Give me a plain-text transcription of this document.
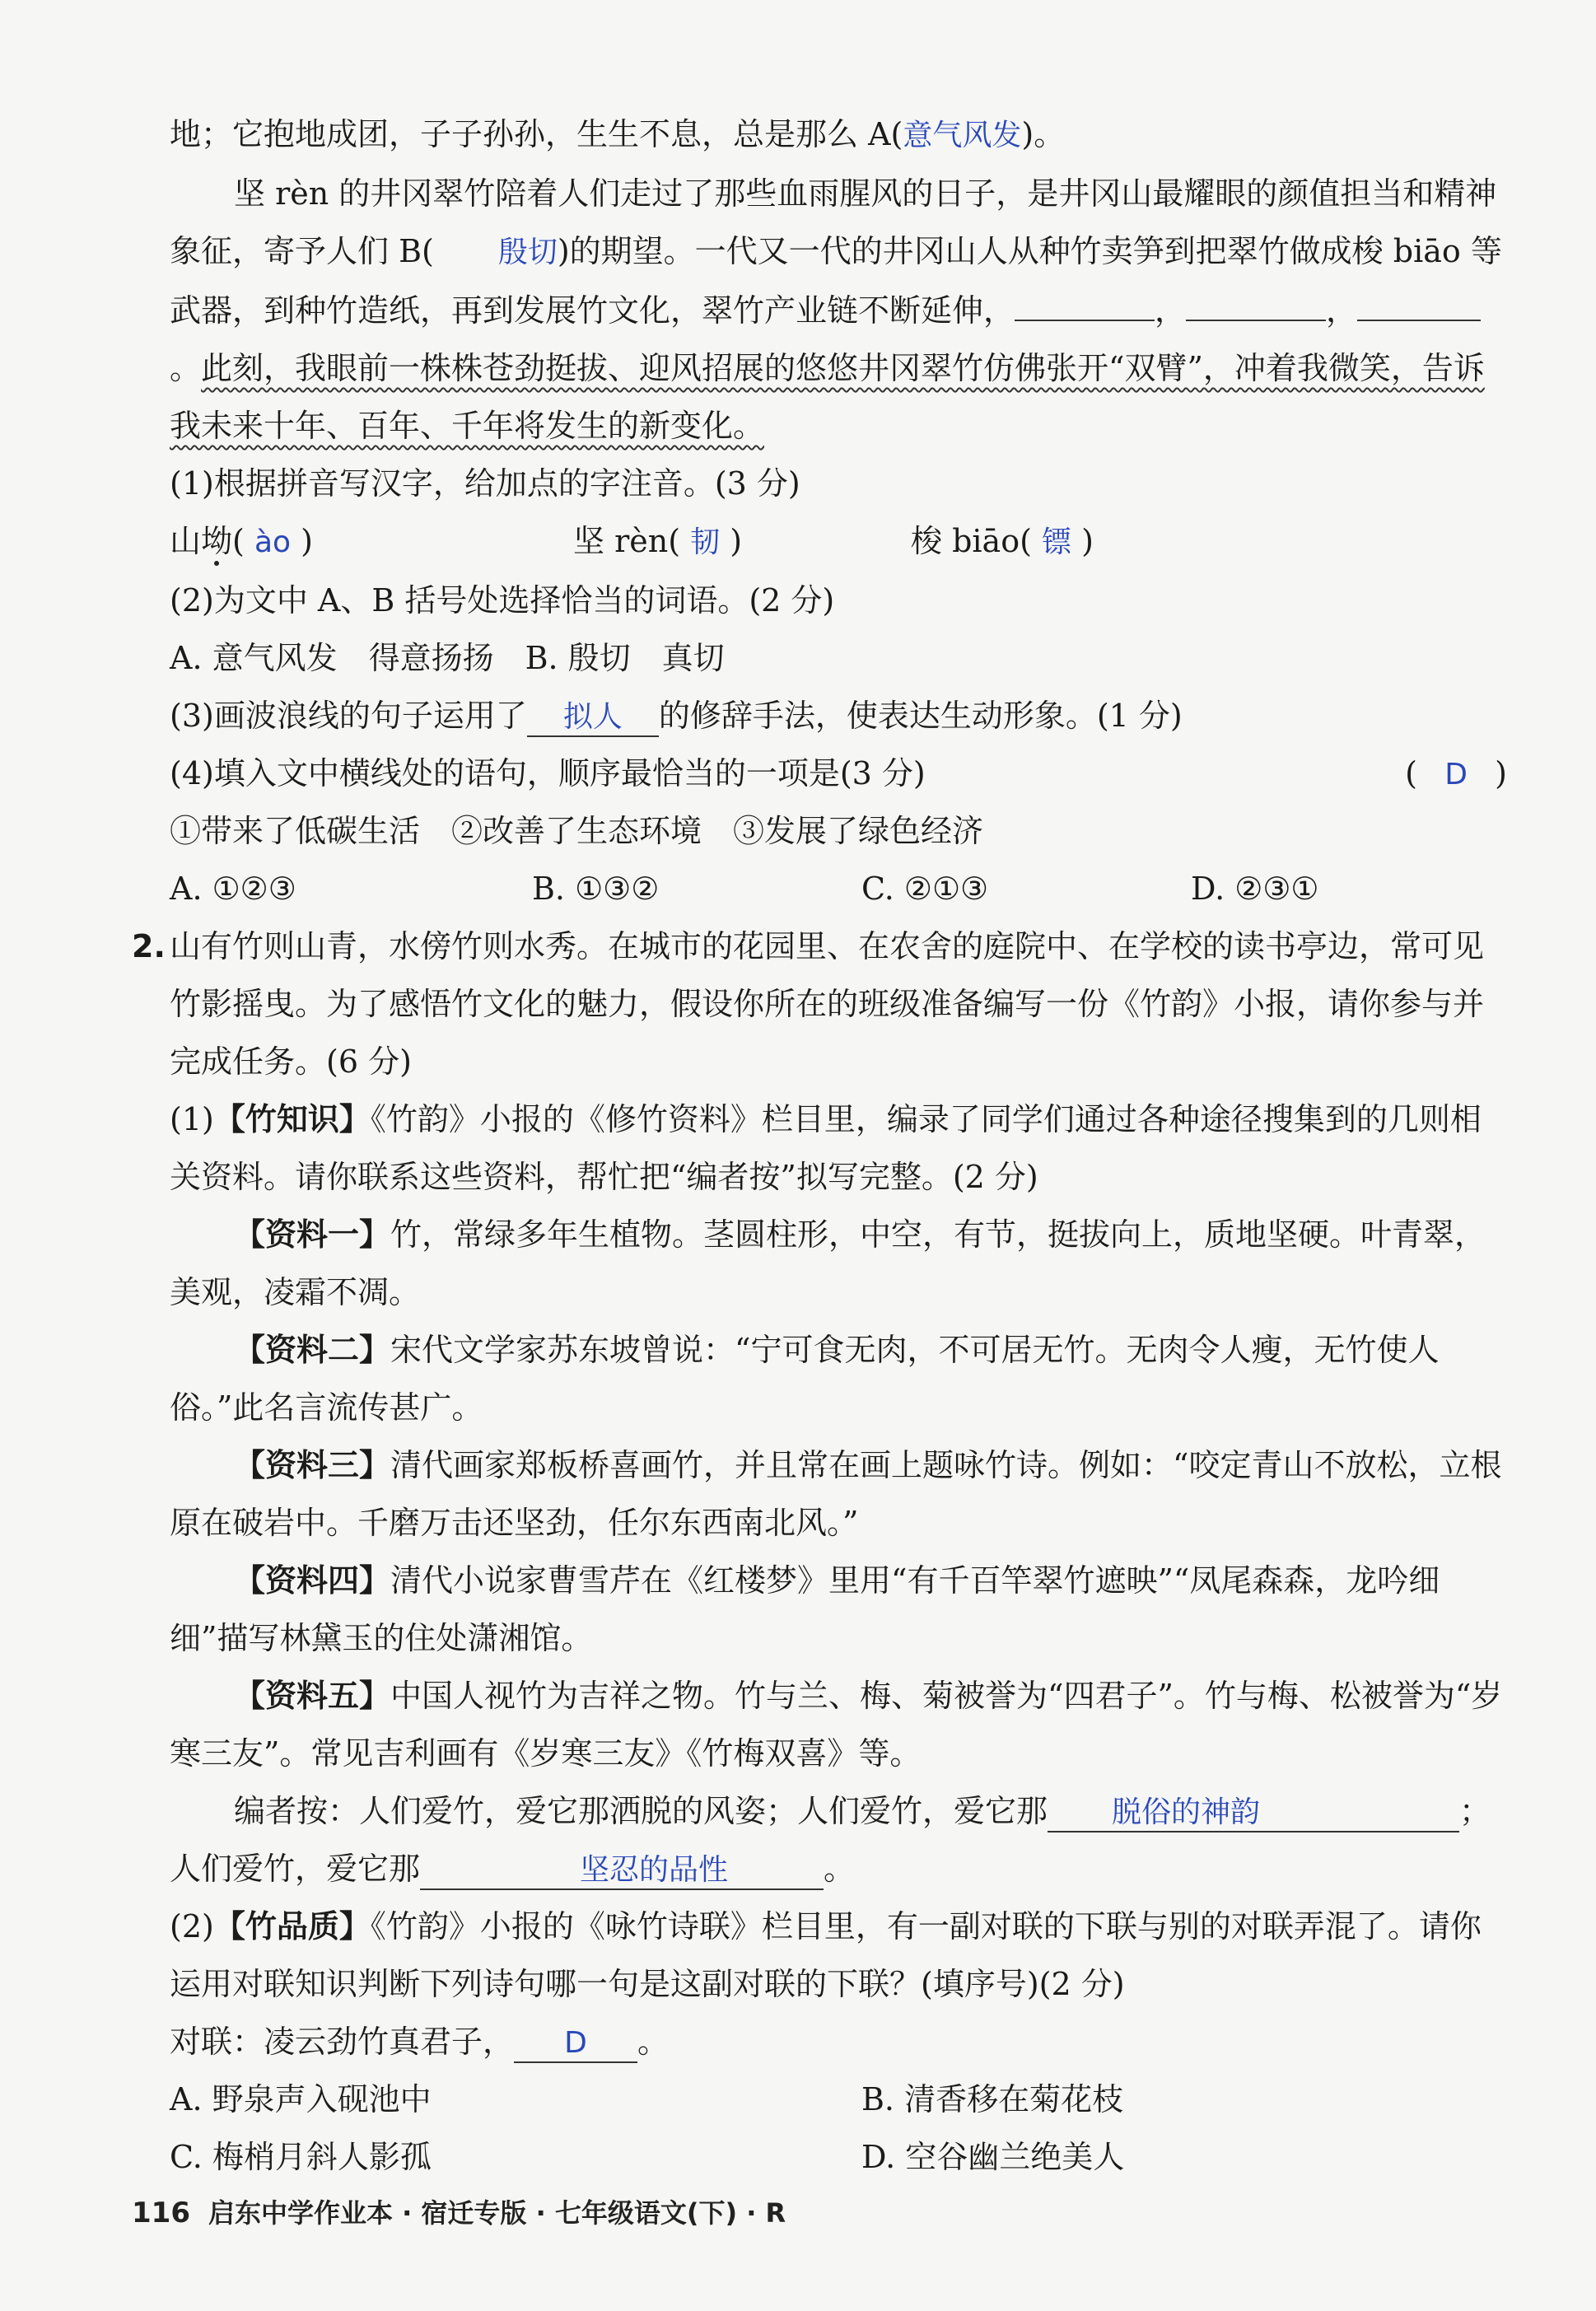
地；它抱地成团，子子孙孙，生生不息，总是那么 A(意气风发)。

坚 rèn 的井冈翠竹陪着人们走过了那些血雨腥风的日子，是井冈山最耀眼的颜值担当和精神象征，寄予人们 B( 殷切)的期望。一代又一代的井冈山人从种竹卖笋到把翠竹做成梭 biāo 等武器，到种竹造纸，再到发展竹文化，翠竹产业链不断延伸，	，	，。此刻，我眼前一株株苍劲挺拔、迎风招展的悠悠井冈翠竹仿佛张开“双臂”，冲着我微笑，告诉我未来十年、百年、千年将发生的新变化。

(1)根据拼音写汉字，给加点的字注音。(3 分)

山坳( ào )	坚 rèn( 韧 )	梭 biāo( 镖 )

(2)为文中 A、B 括号处选择恰当的词语。(2 分)

A. 意气风发　得意扬扬　B. 殷切　真切

(3)画波浪线的句子运用了 拟人 的修辞手法，使表达生动形象。(1 分)

(4)填入文中横线处的语句，顺序最恰当的一项是(3 分)	( D )

①带来了低碳生活　②改善了生态环境　③发展了绿色经济

A. ①②③	B. ①③②	C. ②①③	D. ②③①

2. 山有竹则山青，水傍竹则水秀。在城市的花园里、在农舍的庭院中、在学校的读书亭边，常可见竹影摇曳。为了感悟竹文化的魅力，假设你所在的班级准备编写一份《竹韵》小报，请你参与并完成任务。(6 分)

(1)【竹知识】《竹韵》小报的《修竹资料》栏目里，编录了同学们通过各种途径搜集到的几则相关资料。请你联系这些资料，帮忙把“编者按”拟写完整。(2 分)

【资料一】竹，常绿多年生植物。茎圆柱形，中空，有节，挺拔向上，质地坚硬。叶青翠，美观，凌霜不凋。

【资料二】宋代文学家苏东坡曾说：“宁可食无肉，不可居无竹。无肉令人瘦，无竹使人俗。”此名言流传甚广。

【资料三】清代画家郑板桥喜画竹，并且常在画上题咏竹诗。例如：“咬定青山不放松，立根原在破岩中。千磨万击还坚劲，任尔东西南北风。”

【资料四】清代小说家曹雪芹在《红楼梦》里用“有千百竿翠竹遮映”“凤尾森森，龙吟细细”描写林黛玉的住处潇湘馆。

【资料五】中国人视竹为吉祥之物。竹与兰、梅、菊被誉为“四君子”。竹与梅、松被誉为“岁寒三友”。常见吉利画有《岁寒三友》《竹梅双喜》等。

编者按：人们爱竹，爱它那洒脱的风姿；人们爱竹，爱它那 脱俗的神韵	；人们爱竹，爱它那	坚忍的品性	。

(2)【竹品质】《竹韵》小报的《咏竹诗联》栏目里，有一副对联的下联与别的对联弄混了。请你运用对联知识判断下列诗句哪一句是这副对联的下联？(填序号)(2 分)

对联：凌云劲竹真君子， D 。

A. 野泉声入砚池中	B. 清香移在菊花枝
C. 梅梢月斜人影孤	D. 空谷幽兰绝美人
116 启东中学作业本 · 宿迁专版 · 七年级语文(下) · R
